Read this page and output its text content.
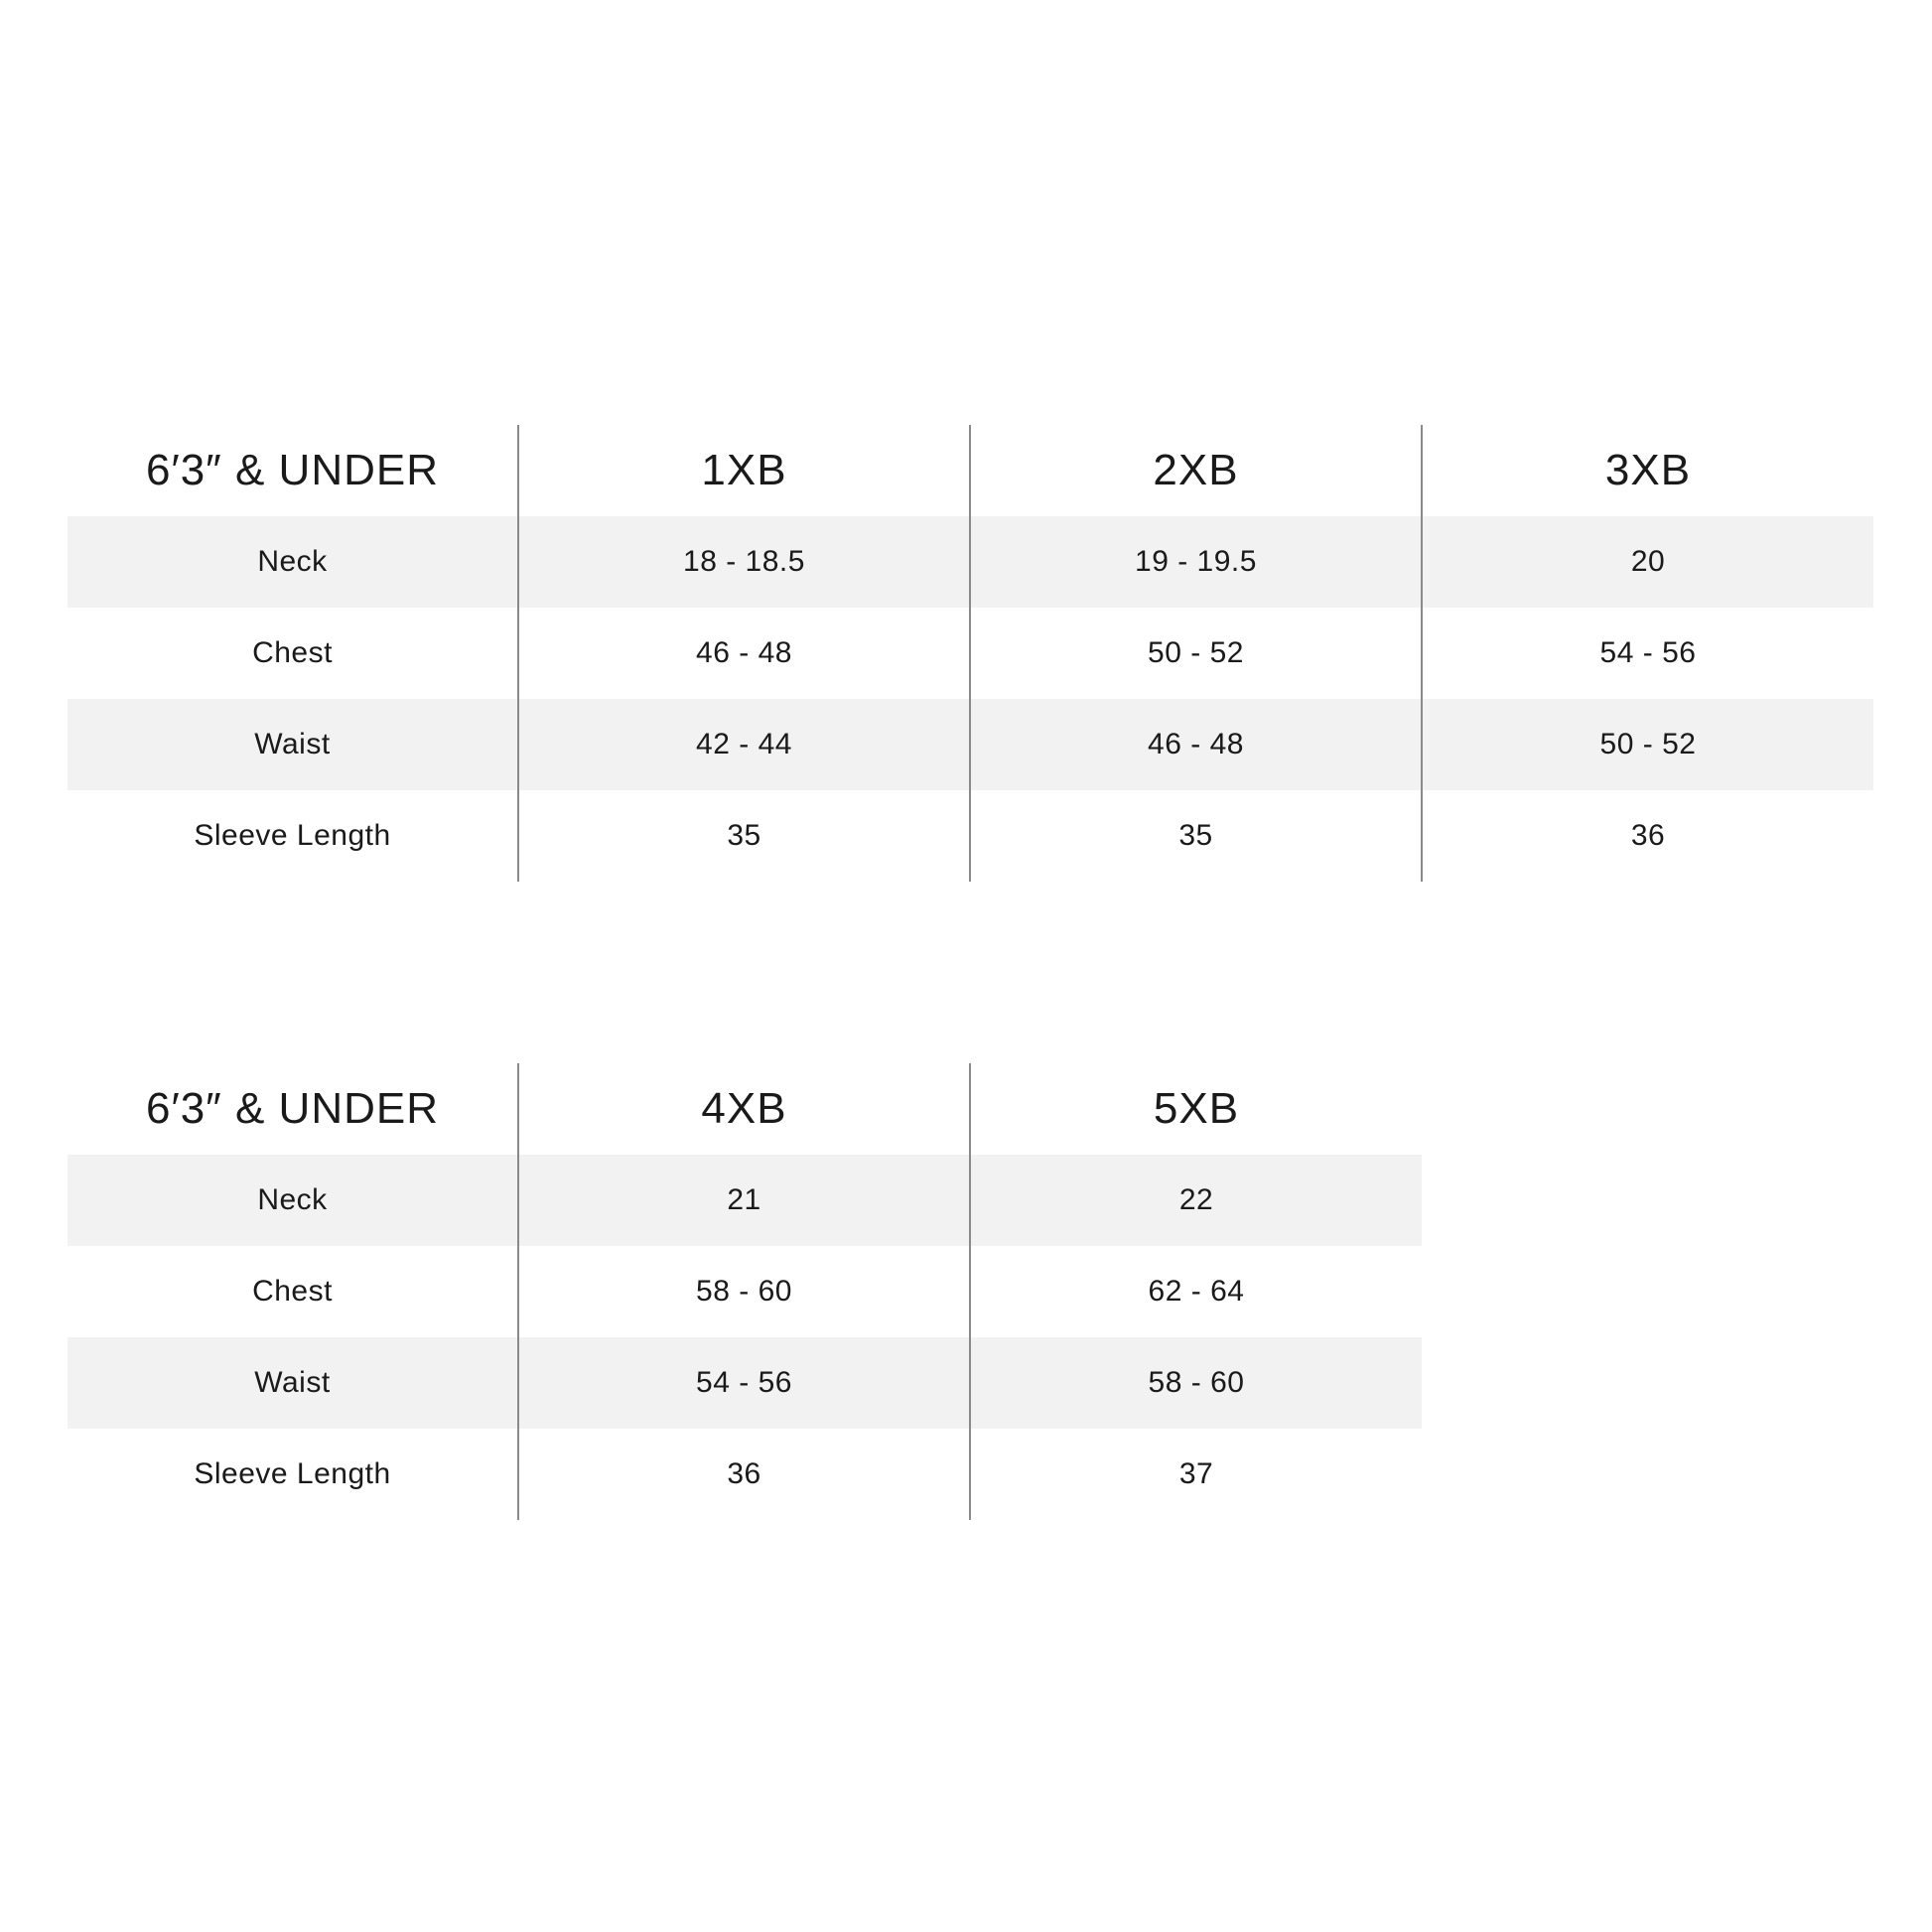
6′3″ & UNDER	1XB	2XB	3XB
Neck	18 - 18.5	19 - 19.5	20
Chest	46 - 48	50 - 52	54 - 56
Waist	42 - 44	46 - 48	50 - 52
Sleeve Length	35	35	36
6′3″ & UNDER	4XB	5XB
Neck	21	22
Chest	58 - 60	62 - 64
Waist	54 - 56	58 - 60
Sleeve Length	36	37
